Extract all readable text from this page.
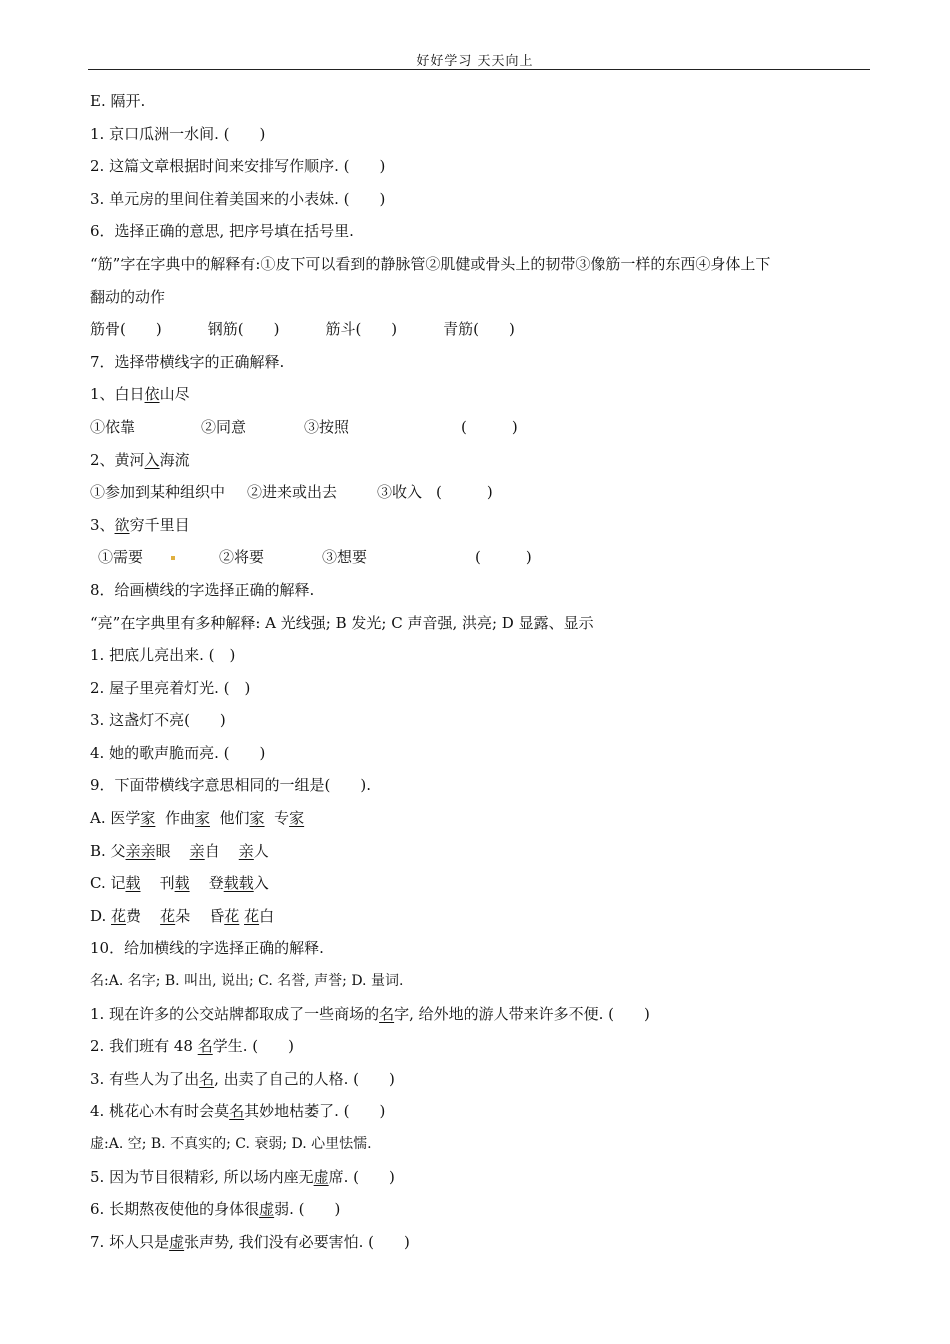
好好学习 天天向上
E. 隔开.
1. 京口瓜洲一水间. (　　)
2. 这篇文章根据时间来安排写作顺序. (　　)
3. 单元房的里间住着美国来的小表妹. (　　)
6．选择正确的意思, 把序号填在括号里.
“筋”字在字典中的解释有:①皮下可以看到的静脉管②肌健或骨头上的韧带③像筋一样的东西④身体上下
翻动的动作
筋骨(　　)	钢筋(　　)	筋斗(　　)	青筋(　　)
7．选择带横线字的正确解释.
1、白日依山尽
①依靠	②同意	③按照	(　　　)
2、黄河入海流
①参加到某种组织中 ②进来或出去	③收入 (　　　)
3、欲穷千里目
①需要	②将要	③想要	(　　　)
8．给画横线的字选择正确的解释.
“亮”在字典里有多种解释: A 光线强; B 发光; C 声音强, 洪亮; D 显露、显示
1. 把底儿亮出来. (　)
2. 屋子里亮着灯光. (　)
3. 这盏灯不亮(　　)
4. 她的歌声脆而亮. (　　)
9．下面带横线字意思相同的一组是(　　).
A. 医学家 作曲家 他们家 专家
B. 父亲亲眼 亲自 亲人
C. 记载 刊载 登载载入
D. 花费 花朵 昏花 花白
10．给加横线的字选择正确的解释.
名:A. 名字; B. 叫出, 说出; C. 名誉, 声誉; D. 量词.
1. 现在许多的公交站牌都取成了一些商场的名字, 给外地的游人带来许多不便. (　　)
2. 我们班有 48 名学生. (　　)
3. 有些人为了出名, 出卖了自己的人格. (　　)
4. 桃花心木有时会莫名其妙地枯萎了. (　　)
虚:A. 空; B. 不真实的; C. 衰弱; D. 心里怯懦.
5. 因为节目很精彩, 所以场内座无虚席. (　　)
6. 长期熬夜使他的身体很虚弱. (　　)
7. 坏人只是虚张声势, 我们没有必要害怕. (　　)
